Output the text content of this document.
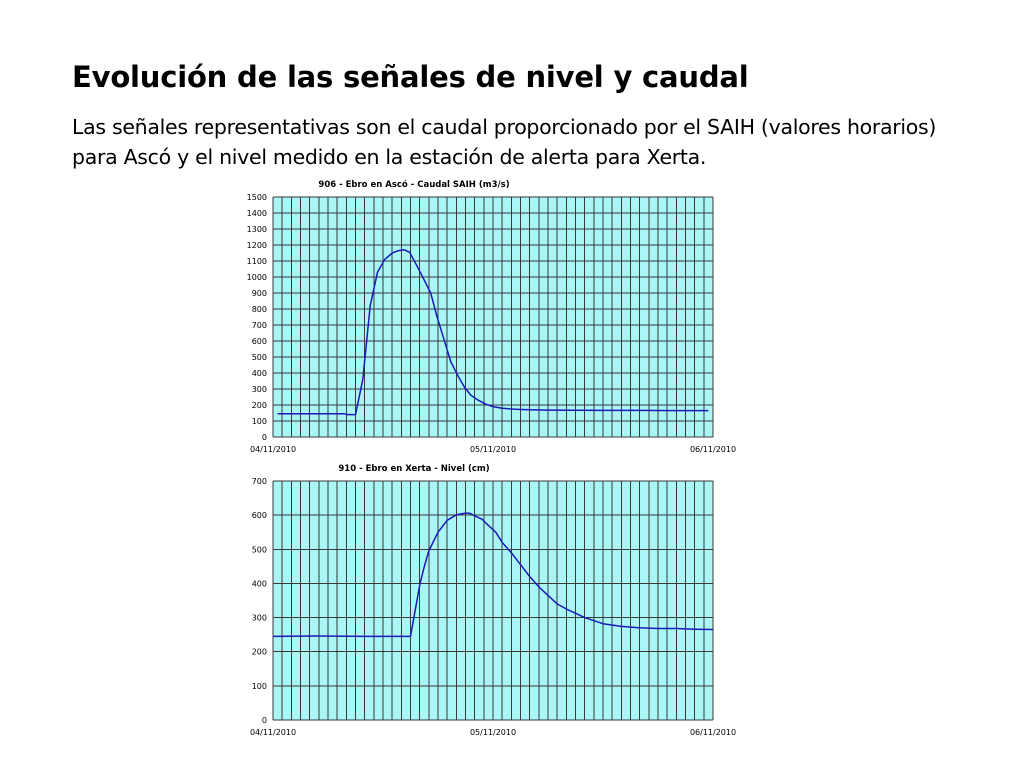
Evolución de las señales de nivel y caudal

Las señales representativas son el caudal proporcionado por el SAIH (valores horarios) para Ascó y el nivel medido en la estación de alerta para Xerta.

0
100
200
300
400
500
600
700
800
900
1000
1100
1200
1300
1400
1500
04/11/2010	05/11/2010	06/11/2010
906 - Ebro en Ascó - Caudal SAIH (m3/s)
0
100
200
300
400
500
600
700
04/11/2010	05/11/2010	06/11/2010
910 - Ebro en Xerta - Nivel (cm)
